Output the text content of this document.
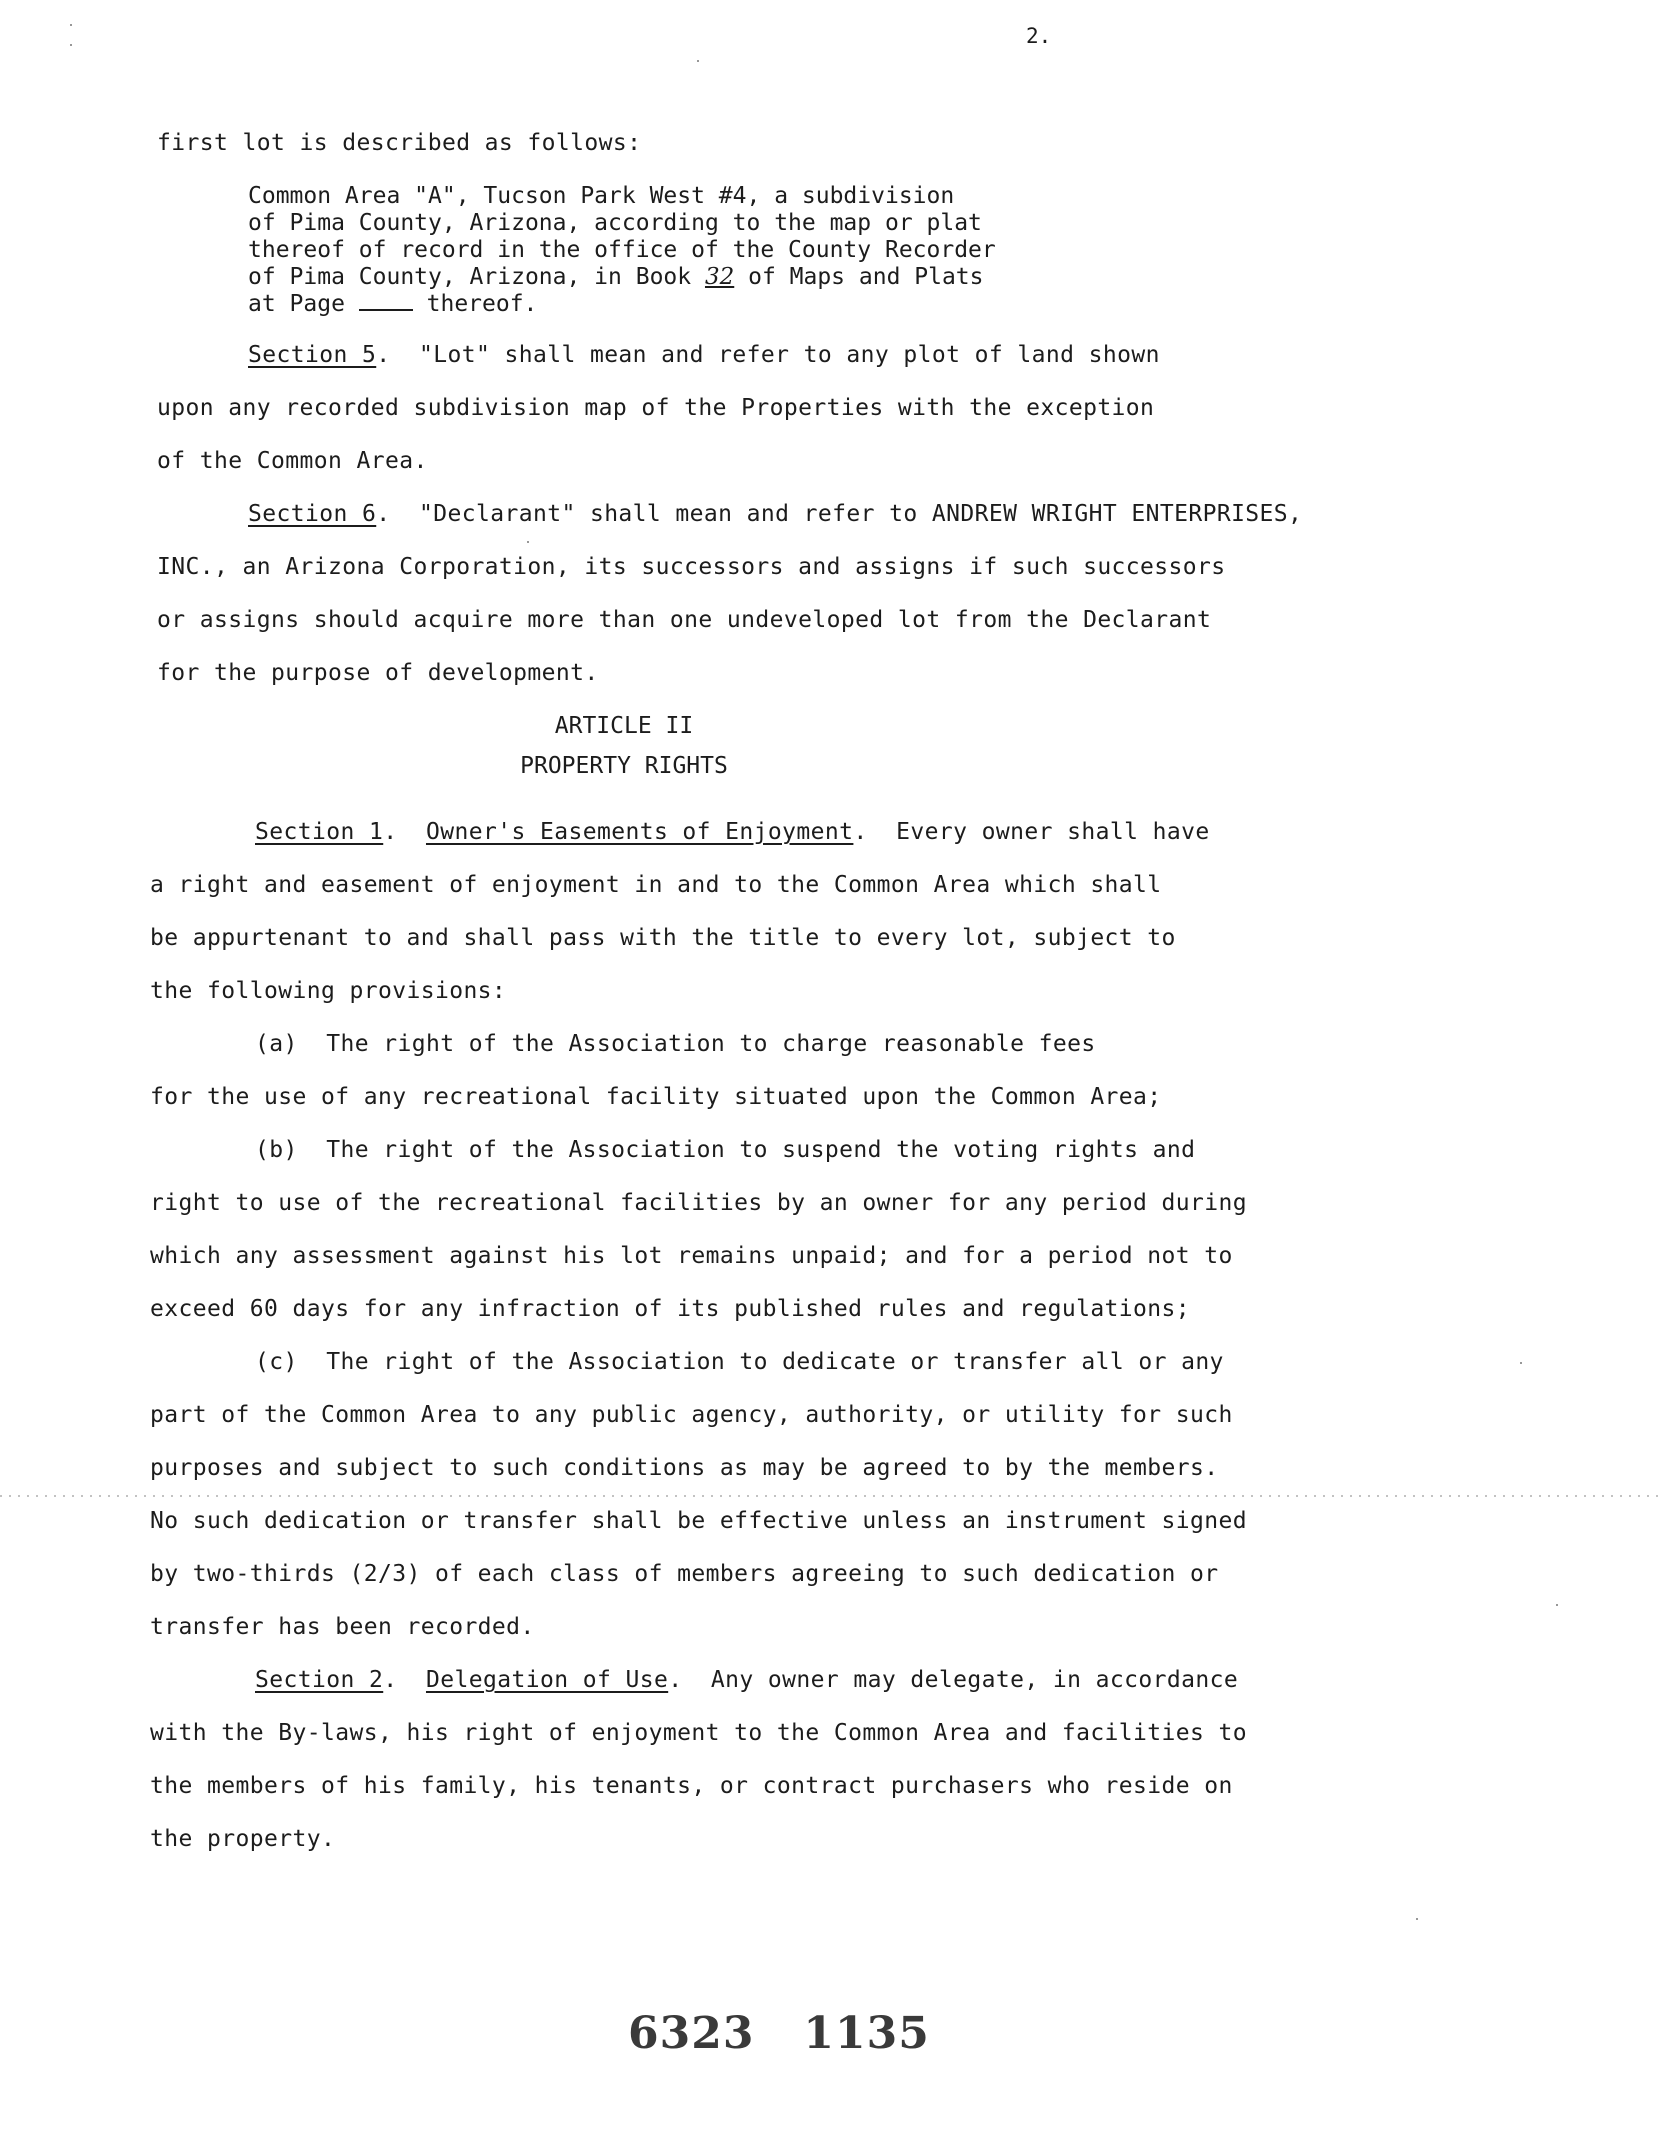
2.
first lot is described as follows:
Common Area "A", Tucson Park West #4, a subdivision
of Pima County, Arizona, according to the map or plat
thereof of record in the office of the County Recorder
of Pima County, Arizona, in Book 32 of Maps and Plats
at Page  thereof.
Section 5.  "Lot" shall mean and refer to any plot of land shown
upon any recorded subdivision map of the Properties with the exception
of the Common Area.
Section 6.  "Declarant" shall mean and refer to ANDREW WRIGHT ENTERPRISES,
INC., an Arizona Corporation, its successors and assigns if such successors
or assigns should acquire more than one undeveloped lot from the Declarant
for the purpose of development.
ARTICLE II
PROPERTY RIGHTS
Section 1.  Owner's Easements of Enjoyment.  Every owner shall have
a right and easement of enjoyment in and to the Common Area which shall
be appurtenant to and shall pass with the title to every lot, subject to
the following provisions:
(a)  The right of the Association to charge reasonable fees
for the use of any recreational facility situated upon the Common Area;
(b)  The right of the Association to suspend the voting rights and
right to use of the recreational facilities by an owner for any period during
which any assessment against his lot remains unpaid; and for a period not to
exceed 60 days for any infraction of its published rules and regulations;
(c)  The right of the Association to dedicate or transfer all or any
part of the Common Area to any public agency, authority, or utility for such
purposes and subject to such conditions as may be agreed to by the members.
No such dedication or transfer shall be effective unless an instrument signed
by two-thirds (2/3) of each class of members agreeing to such dedication or
transfer has been recorded.
Section 2.  Delegation of Use.  Any owner may delegate, in accordance
with the By-laws, his right of enjoyment to the Common Area and facilities to
the members of his family, his tenants, or contract purchasers who reside on
the property.
6323   1135
